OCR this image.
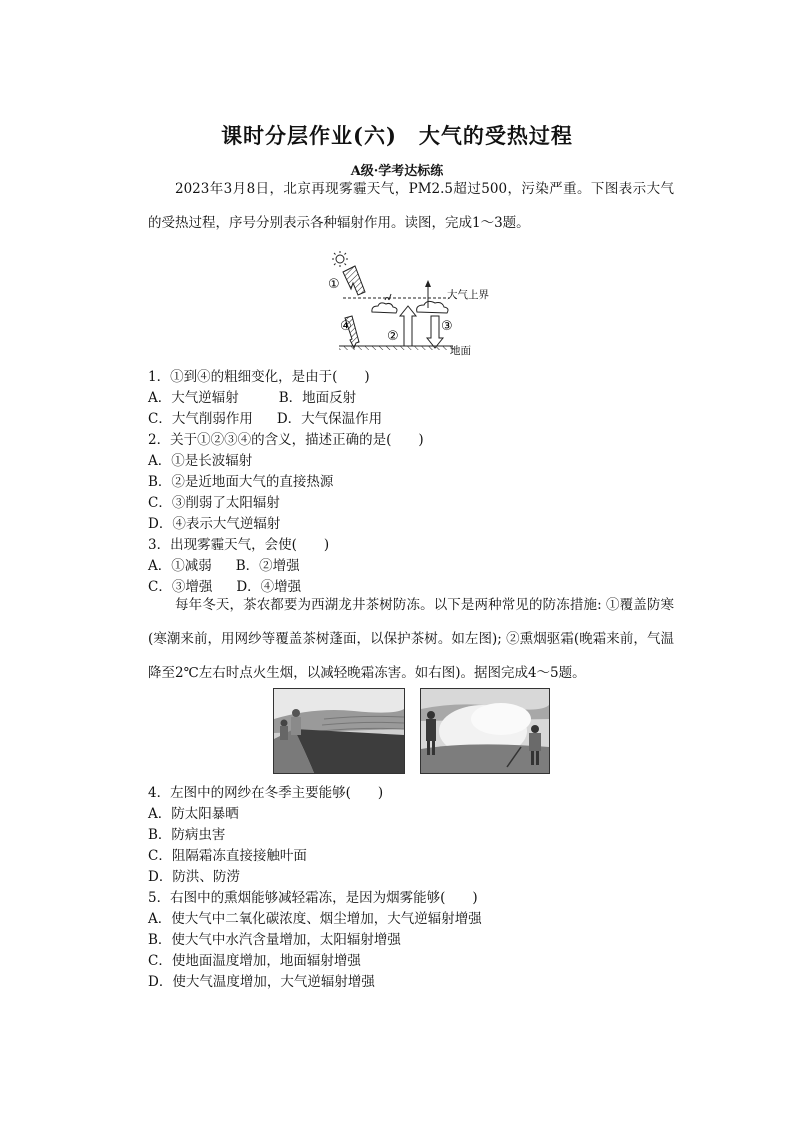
课时分层作业(六)　大气的受热过程
A级·学考达标练
2023年3月8日，北京再现雾霾天气，PM2.5超过500，污染严重。下图表示大气的受热过程，序号分别表示各种辐射作用。读图，完成1～3题。
①
大气上界
④
②
③
地面
1．①到④的粗细变化，是由于(　　)
A．大气逆辐射	B．地面反射
C．大气削弱作用 D．大气保温作用
2．关于①②③④的含义，描述正确的是(　　)
A．①是长波辐射
B．②是近地面大气的直接热源
C．③削弱了太阳辐射
D．④表示大气逆辐射
3．出现雾霾天气，会使(　　)
A．①减弱 B．②增强
C．③增强 D．④增强
每年冬天，茶农都要为西湖龙井茶树防冻。以下是两种常见的防冻措施: ①覆盖防寒(寒潮来前，用网纱等覆盖茶树蓬面，以保护茶树。如左图); ②熏烟驱霜(晚霜来前，气温降至2℃左右时点火生烟，以减轻晚霜冻害。如右图)。据图完成4～5题。
4．左图中的网纱在冬季主要能够(　　)
A．防太阳暴晒
B．防病虫害
C．阻隔霜冻直接接触叶面
D．防洪、防涝
5．右图中的熏烟能够减轻霜冻，是因为烟雾能够(　　)
A．使大气中二氧化碳浓度、烟尘增加，大气逆辐射增强
B．使大气中水汽含量增加，太阳辐射增强
C．使地面温度增加，地面辐射增强
D．使大气温度增加，大气逆辐射增强
